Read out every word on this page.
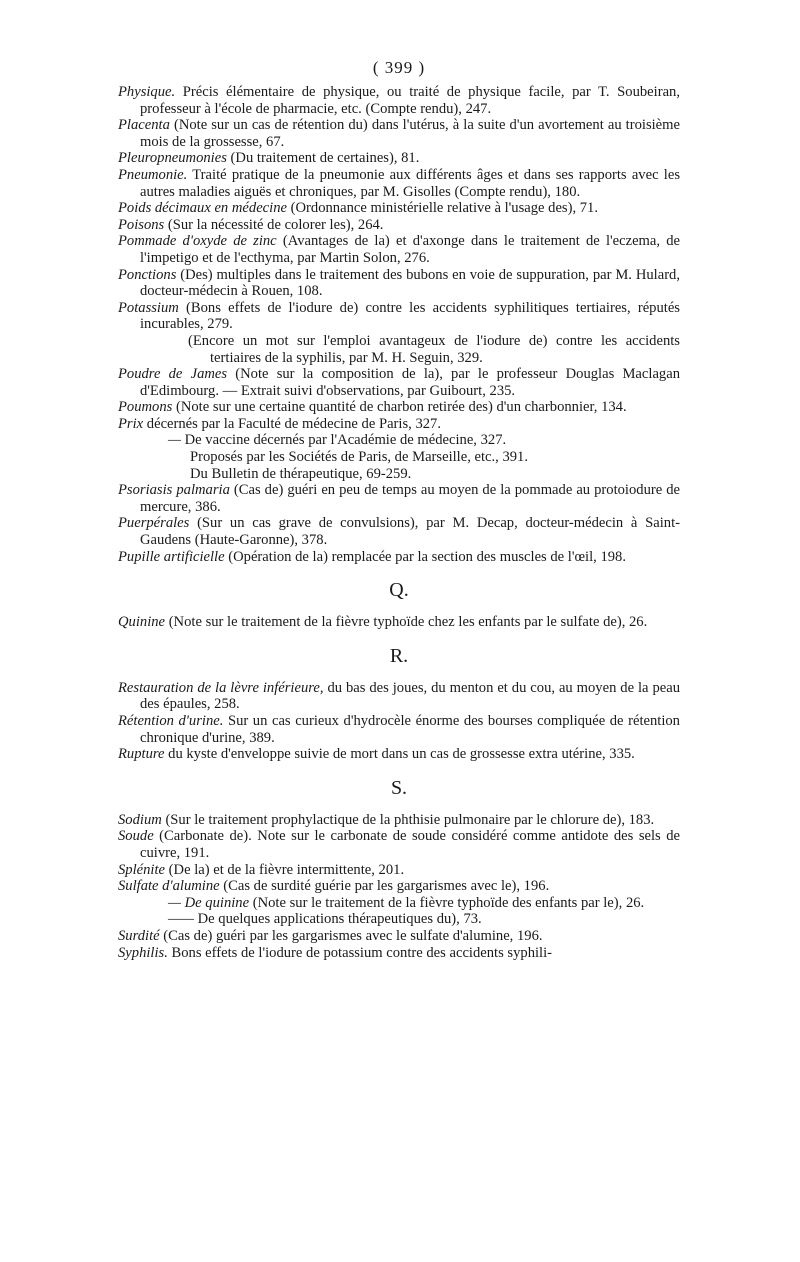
( 399 )

Physique. Précis élémentaire de physique, ou traité de physique facile, par T. Soubeiran, professeur à l'école de pharmacie, etc. (Compte rendu), 247.

Placenta (Note sur un cas de rétention du) dans l'utérus, à la suite d'un avortement au troisième mois de la grossesse, 67.

Pleuropneumonies (Du traitement de certaines), 81.

Pneumonie. Traité pratique de la pneumonie aux différents âges et dans ses rapports avec les autres maladies aiguës et chroniques, par M. Gisolles (Compte rendu), 180.

Poids décimaux en médecine (Ordonnance ministérielle relative à l'usage des), 71.

Poisons (Sur la nécessité de colorer les), 264.

Pommade d'oxyde de zinc (Avantages de la) et d'axonge dans le traitement de l'eczema, de l'impetigo et de l'ecthyma, par Martin Solon, 276.

Ponctions (Des) multiples dans le traitement des bubons en voie de suppuration, par M. Hulard, docteur-médecin à Rouen, 108.

Potassium (Bons effets de l'iodure de) contre les accidents syphilitiques tertiaires, réputés incurables, 279.

(Encore un mot sur l'emploi avantageux de l'iodure de) contre les accidents tertiaires de la syphilis, par M. H. Seguin, 329.

Poudre de James (Note sur la composition de la), par le professeur Douglas Maclagan d'Edimbourg. — Extrait suivi d'observations, par Guibourt, 235.

Poumons (Note sur une certaine quantité de charbon retirée des) d'un charbonnier, 134.

Prix décernés par la Faculté de médecine de Paris, 327.

— De vaccine décernés par l'Académie de médecine, 327.

Proposés par les Sociétés de Paris, de Marseille, etc., 391.

Du Bulletin de thérapeutique, 69-259.

Psoriasis palmaria (Cas de) guéri en peu de temps au moyen de la pommade au protoiodure de mercure, 386.

Puerpérales (Sur un cas grave de convulsions), par M. Decap, docteur-médecin à Saint-Gaudens (Haute-Garonne), 378.

Pupille artificielle (Opération de la) remplacée par la section des muscles de l'œil, 198.

Q.

Quinine (Note sur le traitement de la fièvre typhoïde chez les enfants par le sulfate de), 26.

R.

Restauration de la lèvre inférieure, du bas des joues, du menton et du cou, au moyen de la peau des épaules, 258.

Rétention d'urine. Sur un cas curieux d'hydrocèle énorme des bourses compliquée de rétention chronique d'urine, 389.

Rupture du kyste d'enveloppe suivie de mort dans un cas de grossesse extra utérine, 335.

S.

Sodium (Sur le traitement prophylactique de la phthisie pulmonaire par le chlorure de), 183.

Soude (Carbonate de). Note sur le carbonate de soude considéré comme antidote des sels de cuivre, 191.

Splénite (De la) et de la fièvre intermittente, 201.

Sulfate d'alumine (Cas de surdité guérie par les gargarismes avec le), 196.

— De quinine (Note sur le traitement de la fièvre typhoïde des enfants par le), 26.

—— De quelques applications thérapeutiques du), 73.

Surdité (Cas de) guéri par les gargarismes avec le sulfate d'alumine, 196.

Syphilis. Bons effets de l'iodure de potassium contre des accidents syphili-
